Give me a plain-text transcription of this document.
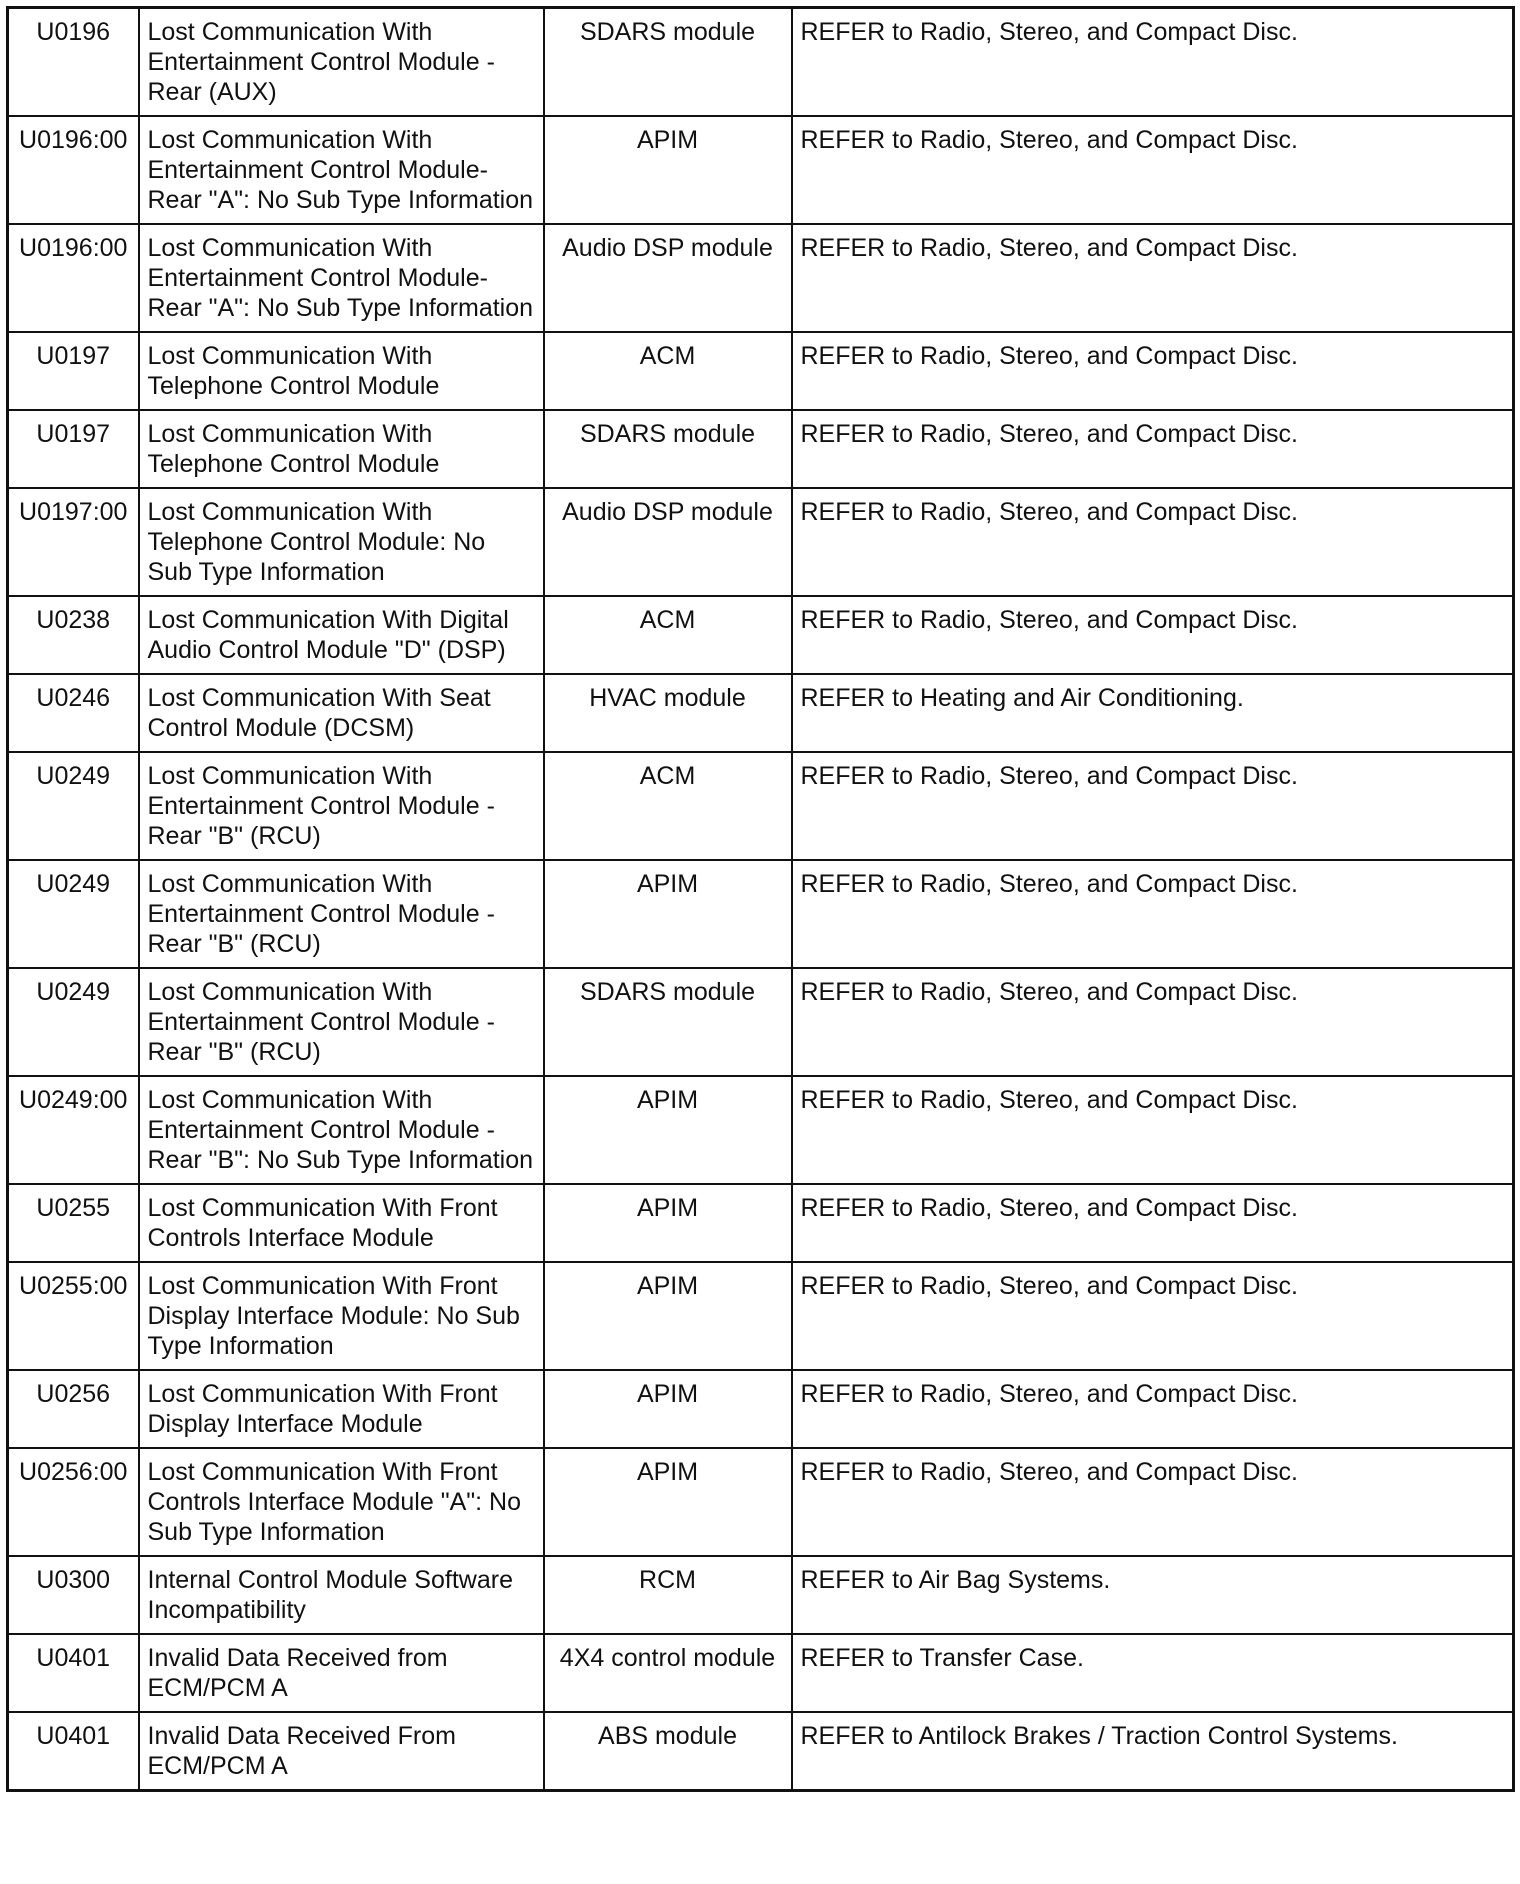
U0196	Lost Communication With Entertainment Control Module - Rear (AUX)	SDARS module	REFER to Radio, Stereo, and Compact Disc.
U0196:00	Lost Communication With Entertainment Control Module-Rear "A": No Sub Type Information	APIM	REFER to Radio, Stereo, and Compact Disc.
U0196:00	Lost Communication With Entertainment Control Module-Rear "A": No Sub Type Information	Audio DSP module	REFER to Radio, Stereo, and Compact Disc.
U0197	Lost Communication With Telephone Control Module	ACM	REFER to Radio, Stereo, and Compact Disc.
U0197	Lost Communication With Telephone Control Module	SDARS module	REFER to Radio, Stereo, and Compact Disc.
U0197:00	Lost Communication With Telephone Control Module: No Sub Type Information	Audio DSP module	REFER to Radio, Stereo, and Compact Disc.
U0238	Lost Communication With Digital Audio Control Module "D" (DSP)	ACM	REFER to Radio, Stereo, and Compact Disc.
U0246	Lost Communication With Seat Control Module (DCSM)	HVAC module	REFER to Heating and Air Conditioning.
U0249	Lost Communication With Entertainment Control Module - Rear "B" (RCU)	ACM	REFER to Radio, Stereo, and Compact Disc.
U0249	Lost Communication With Entertainment Control Module - Rear "B" (RCU)	APIM	REFER to Radio, Stereo, and Compact Disc.
U0249	Lost Communication With Entertainment Control Module - Rear "B" (RCU)	SDARS module	REFER to Radio, Stereo, and Compact Disc.
U0249:00	Lost Communication With Entertainment Control Module -Rear "B": No Sub Type Information	APIM	REFER to Radio, Stereo, and Compact Disc.
U0255	Lost Communication With Front Controls Interface Module	APIM	REFER to Radio, Stereo, and Compact Disc.
U0255:00	Lost Communication With Front Display Interface Module: No Sub Type Information	APIM	REFER to Radio, Stereo, and Compact Disc.
U0256	Lost Communication With Front Display Interface Module	APIM	REFER to Radio, Stereo, and Compact Disc.
U0256:00	Lost Communication With Front Controls Interface Module "A": No Sub Type Information	APIM	REFER to Radio, Stereo, and Compact Disc.
U0300	Internal Control Module Software Incompatibility	RCM	REFER to Air Bag Systems.
U0401	Invalid Data Received from ECM/PCM A	4X4 control module	REFER to Transfer Case.
U0401	Invalid Data Received From ECM/PCM A	ABS module	REFER to Antilock Brakes / Traction Control Systems.
